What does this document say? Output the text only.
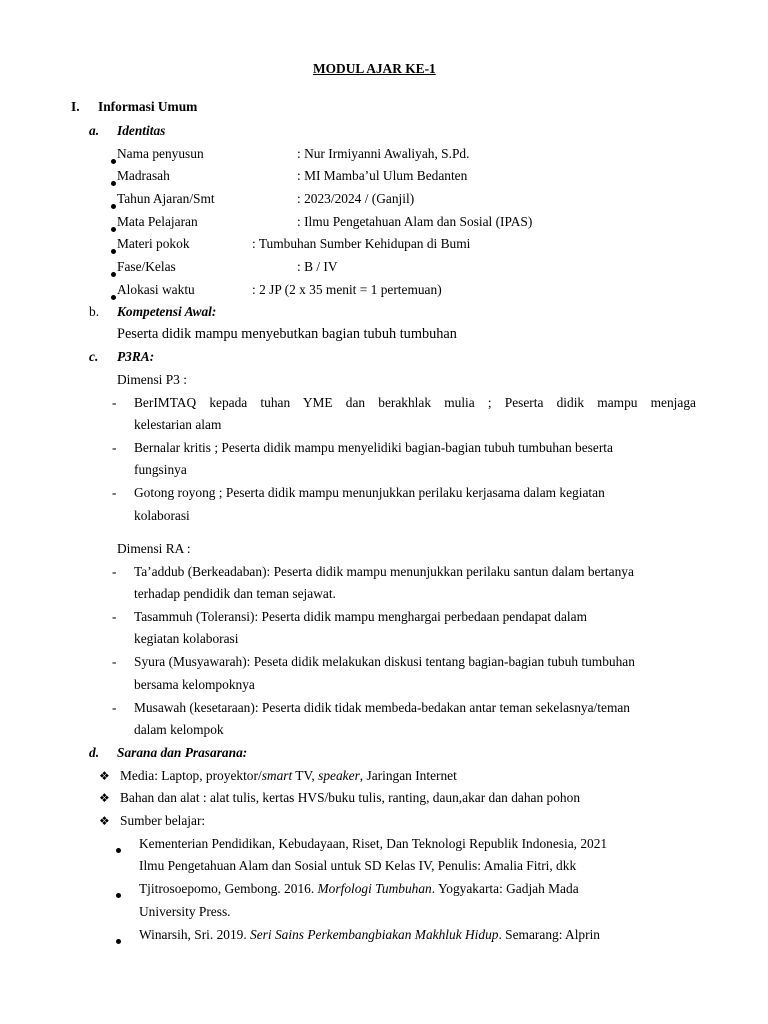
MODUL AJAR KE-1
I. Informasi Umum
a. Identitas
Nama penyusun	: Nur Irmiyanni Awaliyah, S.Pd.
Madrasah	: MI Mamba’ul Ulum Bedanten
Tahun Ajaran/Smt	: 2023/2024 / (Ganjil)
Mata Pelajaran	: Ilmu Pengetahuan Alam dan Sosial (IPAS)
Materi pokok	: Tumbuhan Sumber Kehidupan di Bumi
Fase/Kelas	: B / IV
Alokasi waktu	: 2 JP (2 x 35 menit = 1 pertemuan)
b. Kompetensi Awal:
Peserta didik mampu menyebutkan bagian tubuh tumbuhan
c. P3RA:
Dimensi P3 :
- BerIMTAQ kepada tuhan YME dan berakhlak mulia ; Peserta didik mampu menjaga
kelestarian alam
- Bernalar kritis ; Peserta didik mampu menyelidiki bagian-bagian tubuh tumbuhan beserta
fungsinya
- Gotong royong ; Peserta didik mampu menunjukkan perilaku kerjasama dalam kegiatan
kolaborasi
Dimensi RA :
- Ta’addub (Berkeadaban): Peserta didik mampu menunjukkan perilaku santun dalam bertanya
terhadap pendidik dan teman sejawat.
- Tasammuh (Toleransi): Peserta didik mampu menghargai perbedaan pendapat dalam
kegiatan kolaborasi
- Syura (Musyawarah): Peseta didik melakukan diskusi tentang bagian-bagian tubuh tumbuhan
bersama kelompoknya
- Musawah (kesetaraan): Peserta didik tidak membeda-bedakan antar teman sekelasnya/teman
dalam kelompok
d. Sarana dan Prasarana:
❖ Media: Laptop, proyektor/smart TV, speaker, Jaringan Internet
❖ Bahan dan alat : alat tulis, kertas HVS/buku tulis, ranting, daun,akar dan dahan pohon
❖ Sumber belajar:
Kementerian Pendidikan, Kebudayaan, Riset, Dan Teknologi Republik Indonesia, 2021
Ilmu Pengetahuan Alam dan Sosial untuk SD Kelas IV, Penulis: Amalia Fitri, dkk
Tjitrosoepomo, Gembong. 2016. Morfologi Tumbuhan. Yogyakarta: Gadjah Mada
University Press.
Winarsih, Sri. 2019. Seri Sains Perkembangbiakan Makhluk Hidup. Semarang: Alprin
